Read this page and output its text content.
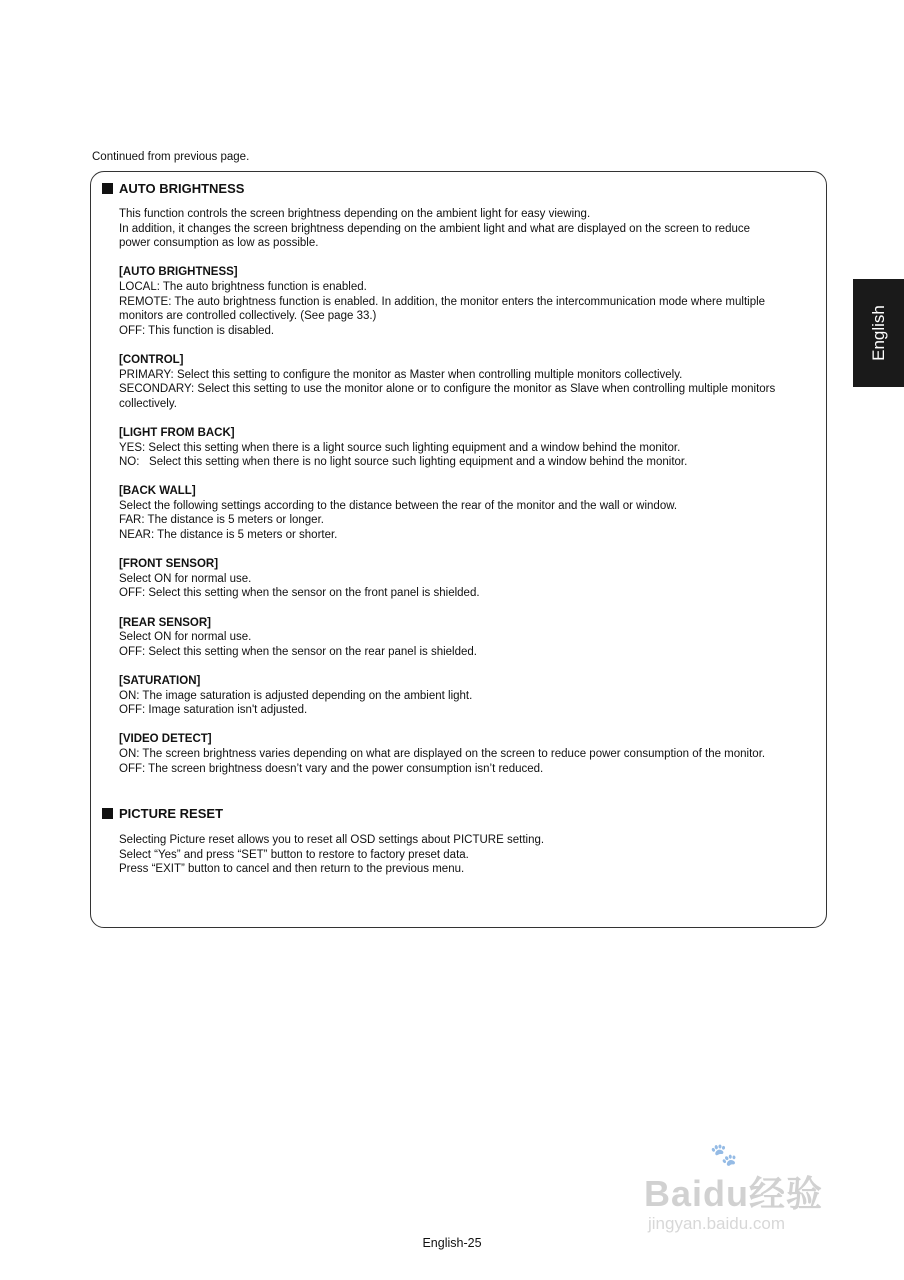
Continued from previous page.
AUTO BRIGHTNESS

This function controls the screen brightness depending on the ambient light for easy viewing.

In addition, it changes the screen brightness depending on the ambient light and what are displayed on the screen to reduce power consumption as low as possible.

[AUTO BRIGHTNESS]

LOCAL: The auto brightness function is enabled.

REMOTE: The auto brightness function is enabled. In addition, the monitor enters the intercommunication mode where multiple monitors are controlled collectively. (See page 33.)

OFF: This function is disabled.

[CONTROL]

PRIMARY: Select this setting to configure the monitor as Master when controlling multiple monitors collectively.

SECONDARY: Select this setting to use the monitor alone or to configure the monitor as Slave when controlling multiple monitors collectively.

[LIGHT FROM BACK]

YES: Select this setting when there is a light source such lighting equipment and a window behind the monitor.

NO:   Select this setting when there is no light source such lighting equipment and a window behind the monitor.

[BACK WALL]

Select the following settings according to the distance between the rear of the monitor and the wall or window.

FAR: The distance is 5 meters or longer.

NEAR: The distance is 5 meters or shorter.

[FRONT SENSOR]

Select ON for normal use.

OFF: Select this setting when the sensor on the front panel is shielded.

[REAR SENSOR]

Select ON for normal use.

OFF: Select this setting when the sensor on the rear panel is shielded.

[SATURATION]

ON: The image saturation is adjusted depending on the ambient light.

OFF: Image saturation isn't adjusted.

[VIDEO DETECT]

ON: The screen brightness varies depending on what are displayed on the screen to reduce power consumption of the monitor.

OFF: The screen brightness doesn’t vary and the power consumption isn’t reduced.

PICTURE RESET

Selecting Picture reset allows you to reset all OSD settings about PICTURE setting.

Select “Yes” and press “SET” button to restore to factory preset data.

Press “EXIT” button to cancel and then return to the previous menu.

English
🐾
Baidu经验
jingyan.baidu.com
English-25
